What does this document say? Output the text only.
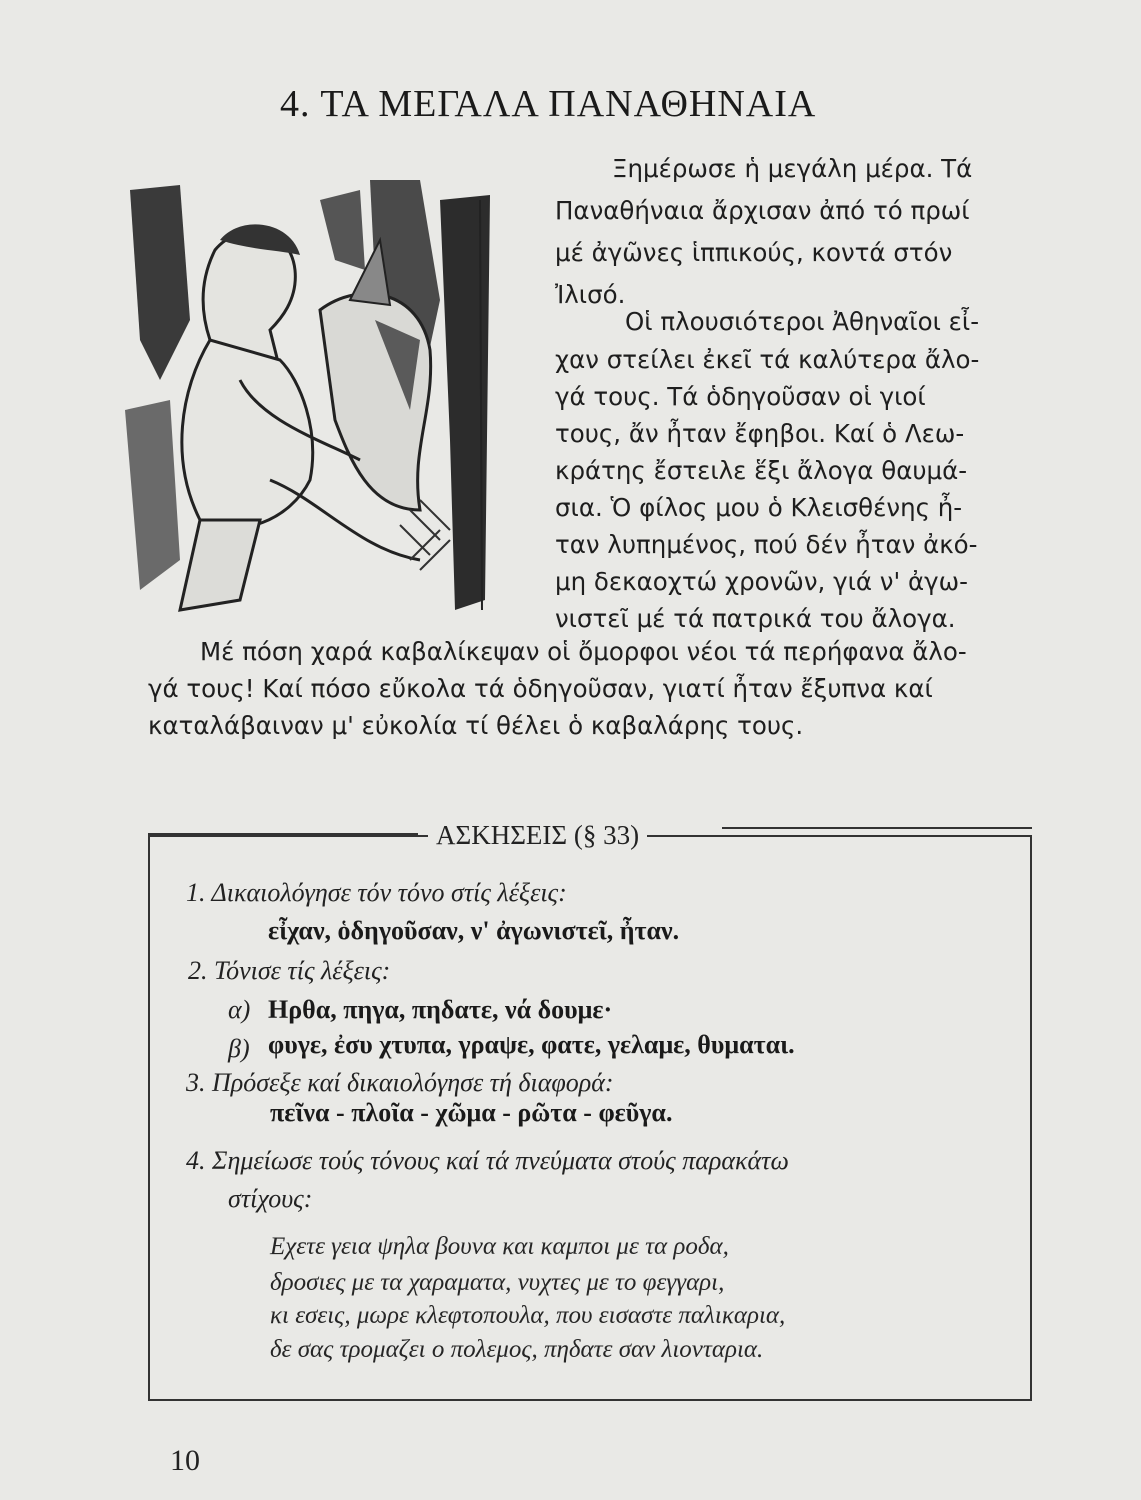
4. ΤΑ ΜΕΓΑΛΑ ΠΑΝΑΘΗΝΑΙΑ
Ξημέρωσε ἡ μεγάλη μέρα. Τά
Παναθήναια ἄρχισαν ἀπό τό πρωί
μέ ἀγῶνες ἱππικούς, κοντά στόν
Ἰλισό.
Οἱ πλουσιότεροι Ἀθηναῖοι εἶ-
χαν στείλει ἐκεῖ τά καλύτερα ἄλο-
γά τους. Τά ὁδηγοῦσαν οἱ γιοί
τους, ἄν ἦταν ἔφηβοι. Καί ὁ Λεω-
κράτης ἔστειλε ἕξι ἄλογα θαυμά-
σια. Ὁ φίλος μου ὁ Κλεισθένης ἦ-
ταν λυπημένος, πού δέν ἦταν ἀκό-
μη δεκαοχτώ χρονῶν, γιά ν' ἀγω-
νιστεῖ μέ τά πατρικά του ἄλογα.
Μέ πόση χαρά καβαλίκεψαν οἱ ὄμορφοι νέοι τά περήφανα ἄλο-
γά τους! Καί πόσο εὔκολα τά ὁδηγοῦσαν, γιατί ἦταν ἔξυπνα καί
καταλάβαιναν μ' εὐκολία τί θέλει ὁ καβαλάρης τους.
ΑΣΚΗΣΕΙΣ (§ 33)
1. Δικαιολόγησε τόν τόνο στίς λέξεις:
εἶχαν, ὁδηγοῦσαν, ν' ἀγωνιστεῖ, ἦταν.
2. Τόνισε τίς λέξεις:
α) Ηρθα, πηγα, πηδατε, νά δουμε·
β) φυγε, ἐσυ χτυπα, γραψε, φατε, γελαμε, θυμαται.
3. Πρόσεξε καί δικαιολόγησε τή διαφορά:
πεῖνα - πλοῖα - χῶμα - ρῶτα - φεῦγα.
4. Σημείωσε τούς τόνους καί τά πνεύματα στούς παρακάτω
στίχους:
Εχετε γεια ψηλα βουνα και καμποι με τα ροδα,
δροσιες με τα χαραματα, νυχτες με το φεγγαρι,
κι εσεις, μωρε κλεφτοπουλα, που εισαστε παλικαρια,
δε σας τρομαζει ο πολεμος, πηδατε σαν λιονταρια.
10
